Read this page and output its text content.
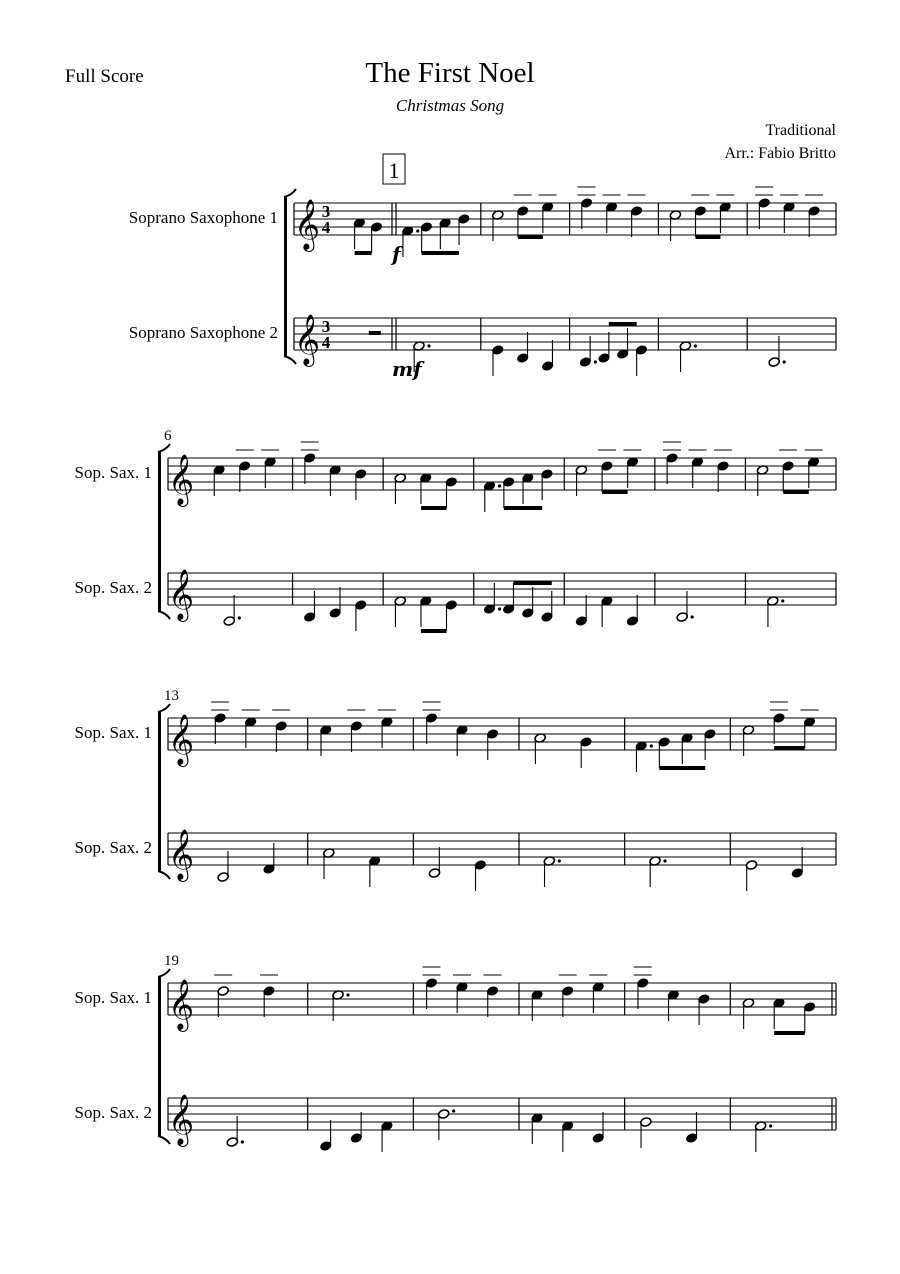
Full Score	The First Noel
Christmas Song
Traditional
Arr.: Fabio Britto
𝄞
Soprano Saxophone 1
𝄞
Soprano Saxophone 2
3
4
3
4
1
f
mf
𝄞
Sop. Sax. 1
𝄞
Sop. Sax. 2
6
𝄞
Sop. Sax. 1
𝄞
Sop. Sax. 2
13
𝄞
Sop. Sax. 1
𝄞
Sop. Sax. 2
19
